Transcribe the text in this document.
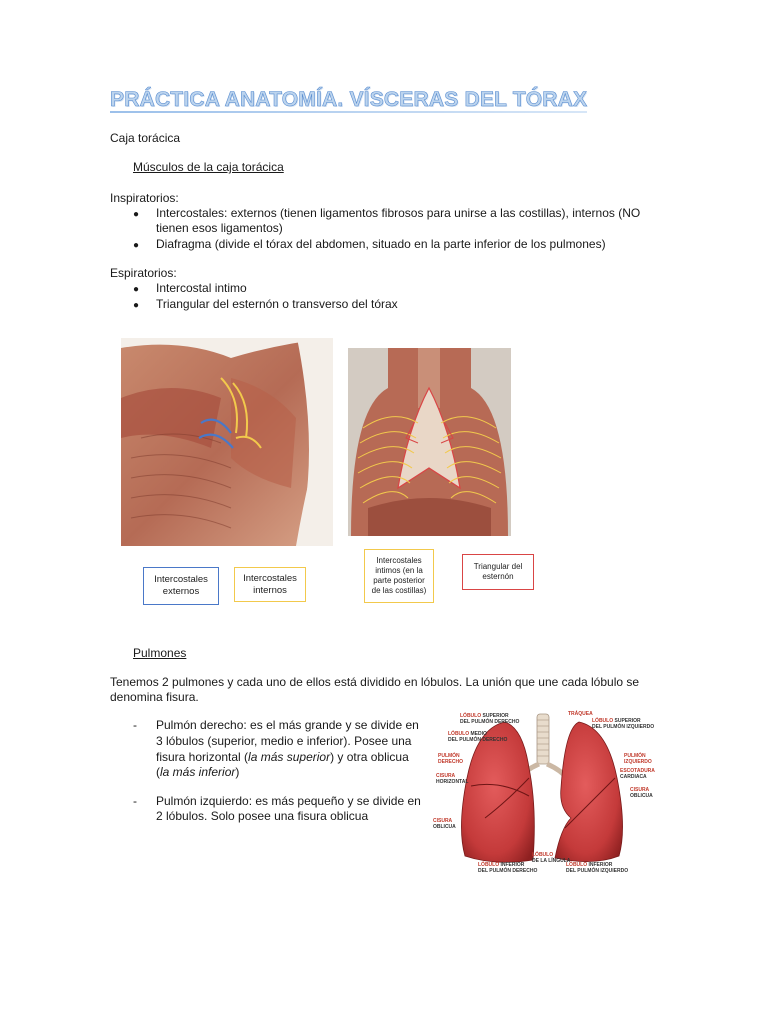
PRÁCTICA ANATOMÍA. VÍSCERAS DEL TÓRAX
Caja torácica
Músculos de la caja torácica
Inspiratorios:
● Intercostales: externos (tienen ligamentos fibrosos para unirse a las costillas), internos (NO
tienen esos ligamentos)
● Diafragma (divide el tórax del abdomen, situado en la parte inferior de los pulmones)
Espiratorios:
● Intercostal intimo
● Triangular del esternón o transverso del tórax
Intercostales
externos
Intercostales
internos
Intercostales
intimos (en la
parte posterior
de las costillas)
Triangular del
esternón
Pulmones
Tenemos 2 pulmones y cada uno de ellos está dividido en lóbulos. La unión que une cada lóbulo se
denomina fisura.
- Pulmón derecho: es el más grande y se divide en
3 lóbulos (superior, medio e inferior). Posee una
fisura horizontal (la más superior) y otra oblicua
(la más inferior)
- Pulmón izquierdo: es más pequeño y se divide en
2 lóbulos. Solo posee una fisura oblicua
LÓBULO SUPERIOR
DEL PULMÓN DERECHO
LÓBULO MEDIO
DEL PULMÓN DERECHO
PULMÓN
DERECHO
CISURA
HORIZONTAL
CISURA
OBLICUA
TRÁQUEA
LÓBULO SUPERIOR
DEL PULMÓN IZQUIERDO
PULMÓN
IZQUIERDO
ESCOTADURA
CARDIACA
CISURA
OBLICUA
LÓBULO
DE LA LÍNGULA
LÓBULO INFERIOR
DEL PULMÓN DERECHO
LÓBULO INFERIOR
DEL PULMÓN IZQUIERDO
